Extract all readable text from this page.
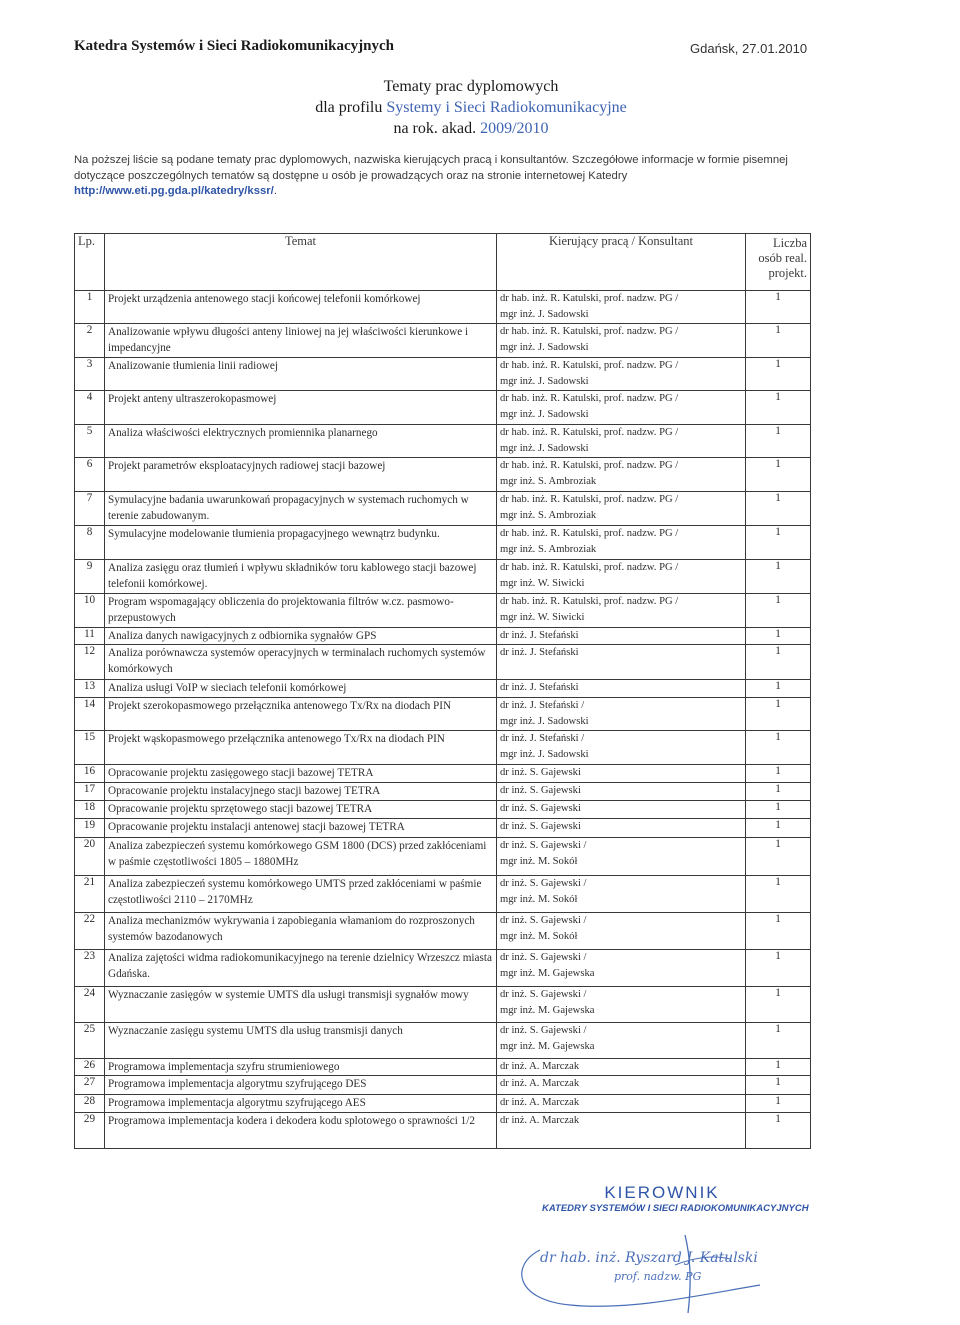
Katedra Systemów i Sieci Radiokomunikacyjnych	Gdańsk, 27.01.2010
Tematy prac dyplomowych
dla profilu Systemy i Sieci Radiokomunikacyjne
na rok. akad. 2009/2010
Na poższej liście są podane tematy prac dyplomowych, nazwiska kierujących pracą i konsultantów. Szczegółowe informacje w formie pisemnej dotyczące poszczególnych tematów są dostępne u osób je prowadzących oraz na stronie internetowej Katedry http://www.eti.pg.gda.pl/katedry/kssr/.
Lp.	Temat	Kierujący pracą / Konsultant	Liczba osób real. projekt.
1	Projekt urządzenia antenowego stacji końcowej telefonii komórkowej	dr hab. inż. R. Katulski, prof. nadzw. PG /
mgr inż. J. Sadowski	1
2	Analizowanie wpływu długości anteny liniowej na jej właściwości kierunkowe i impedancyjne	dr hab. inż. R. Katulski, prof. nadzw. PG /
mgr inż. J. Sadowski	1
3	Analizowanie tłumienia linii radiowej	dr hab. inż. R. Katulski, prof. nadzw. PG /
mgr inż. J. Sadowski	1
4	Projekt anteny ultraszerokopasmowej	dr hab. inż. R. Katulski, prof. nadzw. PG /
mgr inż. J. Sadowski	1
5	Analiza właściwości elektrycznych promiennika planarnego	dr hab. inż. R. Katulski, prof. nadzw. PG /
mgr inż. J. Sadowski	1
6	Projekt parametrów eksploatacyjnych radiowej stacji bazowej	dr hab. inż. R. Katulski, prof. nadzw. PG /
mgr inż. S. Ambroziak	1
7	Symulacyjne badania uwarunkowań propagacyjnych w systemach ruchomych w terenie zabudowanym.	dr hab. inż. R. Katulski, prof. nadzw. PG /
mgr inż. S. Ambroziak	1
8	Symulacyjne modelowanie tłumienia propagacyjnego wewnątrz budynku.	dr hab. inż. R. Katulski, prof. nadzw. PG /
mgr inż. S. Ambroziak	1
9	Analiza zasięgu oraz tłumień i wpływu składników toru kablowego stacji bazowej telefonii komórkowej.	dr hab. inż. R. Katulski, prof. nadzw. PG /
mgr inż. W. Siwicki	1
10	Program wspomagający obliczenia do projektowania filtrów w.cz. pasmowo-przepustowych	dr hab. inż. R. Katulski, prof. nadzw. PG /
mgr inż. W. Siwicki	1
11	Analiza danych nawigacyjnych z odbiornika sygnałów GPS	dr inż. J. Stefański	1
12	Analiza porównawcza systemów operacyjnych w terminalach ruchomych systemów komórkowych	dr inż. J. Stefański	1
13	Analiza usługi VoIP w sieciach telefonii komórkowej	dr inż. J. Stefański	1
14	Projekt szerokopasmowego przełącznika antenowego Tx/Rx na diodach PIN	dr inż. J. Stefański /
mgr inż. J. Sadowski	1
15	Projekt wąskopasmowego przełącznika antenowego Tx/Rx na diodach PIN	dr inż. J. Stefański /
mgr inż. J. Sadowski	1
16	Opracowanie projektu zasięgowego stacji bazowej TETRA	dr inż. S. Gajewski	1
17	Opracowanie projektu instalacyjnego stacji bazowej TETRA	dr inż. S. Gajewski	1
18	Opracowanie projektu sprzętowego stacji bazowej TETRA	dr inż. S. Gajewski	1
19	Opracowanie projektu instalacji antenowej stacji bazowej TETRA	dr inż. S. Gajewski	1
20	Analiza zabezpieczeń systemu komórkowego GSM 1800 (DCS) przed zakłóceniami w paśmie częstotliwości 1805 – 1880MHz	dr inż. S. Gajewski /
mgr inż. M. Sokół	1
21	Analiza zabezpieczeń systemu komórkowego UMTS przed zakłóceniami w paśmie częstotliwości 2110 – 2170MHz	dr inż. S. Gajewski /
mgr inż. M. Sokół	1
22	Analiza mechanizmów wykrywania i zapobiegania włamaniom do rozproszonych systemów bazodanowych	dr inż. S. Gajewski /
mgr inż. M. Sokół	1
23	Analiza zajętości widma radiokomunikacyjnego na terenie dzielnicy Wrzeszcz miasta Gdańska.	dr inż. S. Gajewski /
mgr inż. M. Gajewska	1
24	Wyznaczanie zasięgów w systemie UMTS dla usługi transmisji sygnałów mowy	dr inż. S. Gajewski /
mgr inż. M. Gajewska	1
25	Wyznaczanie zasięgu systemu UMTS dla usług transmisji danych	dr inż. S. Gajewski /
mgr inż. M. Gajewska	1
26	Programowa implementacja szyfru strumieniowego	dr inż. A. Marczak	1
27	Programowa implementacja algorytmu szyfrującego DES	dr inż. A. Marczak	1
28	Programowa implementacja algorytmu szyfrującego AES	dr inż. A. Marczak	1
29	Programowa implementacja kodera i dekodera kodu splotowego o sprawności 1/2	dr inż. A. Marczak	1
KIEROWNIK
KATEDRY SYSTEMÓW I SIECI RADIOKOMUNIKACYJNYCH
dr hab. inż. Ryszard J. Katulski
prof. nadzw. PG
